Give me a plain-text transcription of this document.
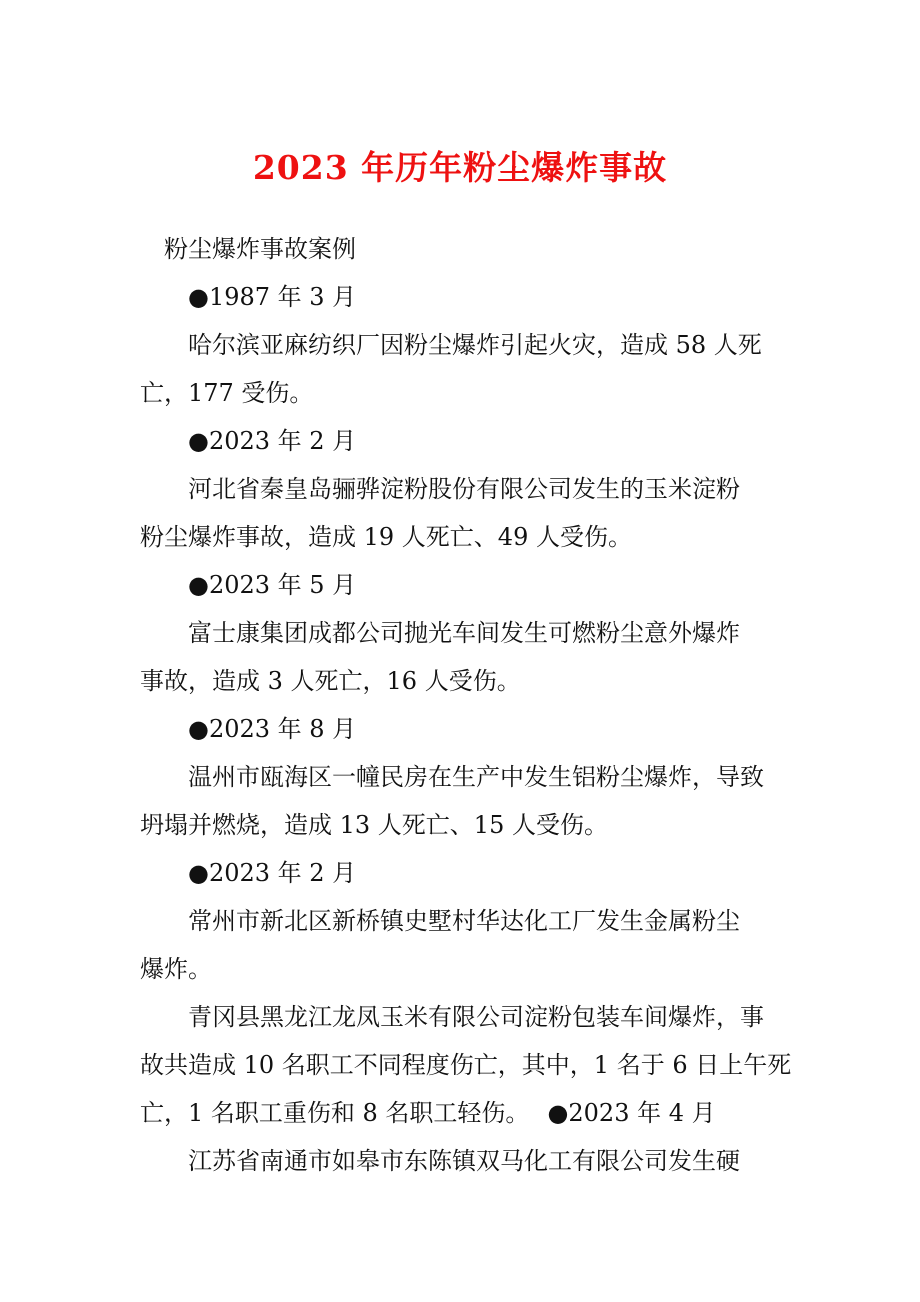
2023 年历年粉尘爆炸事故
粉尘爆炸事故案例
●1987 年 3 月
哈尔滨亚麻纺织厂因粉尘爆炸引起火灾，造成 58 人死
亡，177 受伤。
●2023 年 2 月
河北省秦皇岛骊骅淀粉股份有限公司发生的玉米淀粉
粉尘爆炸事故，造成 19 人死亡、49 人受伤。
●2023 年 5 月
富士康集团成都公司抛光车间发生可燃粉尘意外爆炸
事故，造成 3 人死亡，16 人受伤。
●2023 年 8 月
温州市瓯海区一幢民房在生产中发生铝粉尘爆炸，导致
坍塌并燃烧，造成 13 人死亡、15 人受伤。
●2023 年 2 月
常州市新北区新桥镇史墅村华达化工厂发生金属粉尘
爆炸。
青冈县黑龙江龙凤玉米有限公司淀粉包装车间爆炸，事
故共造成 10 名职工不同程度伤亡，其中，1 名于 6 日上午死
亡，1 名职工重伤和 8 名职工轻伤。 ●2023 年 4 月
江苏省南通市如皋市东陈镇双马化工有限公司发生硬
